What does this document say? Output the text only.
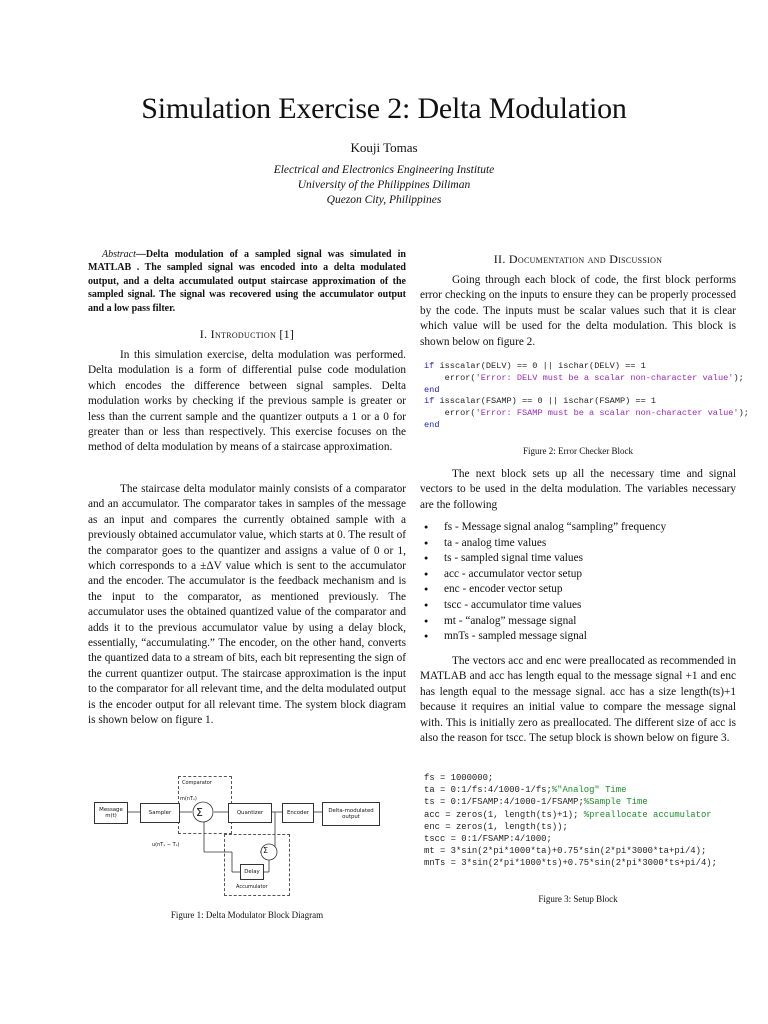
Simulation Exercise 2: Delta Modulation
Kouji Tomas
Electrical and Electronics Engineering Institute
University of the Philippines Diliman
Quezon City, Philippines
Abstract—Delta modulation of a sampled signal was simulated in MATLAB . The sampled signal was encoded into a delta modulated output, and a delta accumulated output staircase approximation of the sampled signal. The signal was recovered using the accumulator output and a low pass filter.
I. Introduction [1]

In this simulation exercise, delta modulation was performed. Delta modulation is a form of differential pulse code modulation which encodes the difference between signal samples. Delta modulation works by checking if the previous sample is greater or less than the current sample and the quantizer outputs a 1 or a 0 for greater than or less than respectively. This exercise focuses on the method of delta modulation by means of a staircase approximation.

The staircase delta modulator mainly consists of a comparator and an accumulator. The comparator takes in samples of the message as an input and compares the currently obtained sample with a previously obtained accumulator value, which starts at 0. The result of the comparator goes to the quantizer and assigns a value of 0 or 1, which corresponds to a ±ΔV value which is sent to the accumulator and the encoder. The accumulator is the feedback mechanism and is the input to the comparator, as mentioned previously. The accumulator uses the obtained quantized value of the comparator and adds it to the previous accumulator value by using a delay block, essentially, “accumulating.” The encoder, on the other hand, converts the quantized data to a stream of bits, each bit representing the sign of the current quantizer output. The staircase approximation is the input to the comparator for all relevant time, and the delta modulated output is the encoder output for all relevant time. The system block diagram is shown below on figure 1.

Message m(t)	Sampler
Comparator
Σ	Quantizer	Encoder	Delta-modulated output
Σ
Delay
Accumulator
m(nTₛ)
u(nTₛ − Tₛ)
Figure 1: Delta Modulator Block Diagram
II. Documentation and Discussion

Going through each block of code, the first block performs error checking on the inputs to ensure they can be properly processed by the code. The inputs must be scalar values such that it is clear which value will be used for the delta modulation. This block is shown below on figure 2.

if isscalar(DELV) == 0 || ischar(DELV) == 1
error('Error: DELV must be a scalar non-character value');
end
if isscalar(FSAMP) == 0 || ischar(FSAMP) == 1
error('Error: FSAMP must be a scalar non-character value');
end
Figure 2: Error Checker Block

The next block sets up all the necessary time and signal vectors to be used in the delta modulation. The variables necessary are the following

● fs - Message signal analog “sampling” frequency
● ta - analog time values
● ts - sampled signal time values
● acc - accumulator vector setup
● enc - encoder vector setup
● tscc - accumulator time values
● mt - “analog” message signal
● mnTs - sampled message signal

The vectors acc and enc were preallocated as recommended in MATLAB and acc has length equal to the message signal +1 and enc has length equal to the message signal. acc has a size length(ts)+1 because it requires an initial value to compare the message signal with. This is initially zero as preallocated. The different size of acc is also the reason for tscc. The setup block is shown below on figure 3.

fs = 1000000;
ta = 0:1/fs:4/1000-1/fs;%"Analog" Time
ts = 0:1/FSAMP:4/1000-1/FSAMP;%Sample Time
acc = zeros(1, length(ts)+1); %preallocate accumulator
enc = zeros(1, length(ts));
tscc = 0:1/FSAMP:4/1000;
mt = 3*sin(2*pi*1000*ta)+0.75*sin(2*pi*3000*ta+pi/4);
mnTs = 3*sin(2*pi*1000*ts)+0.75*sin(2*pi*3000*ts+pi/4);
Figure 3: Setup Block
